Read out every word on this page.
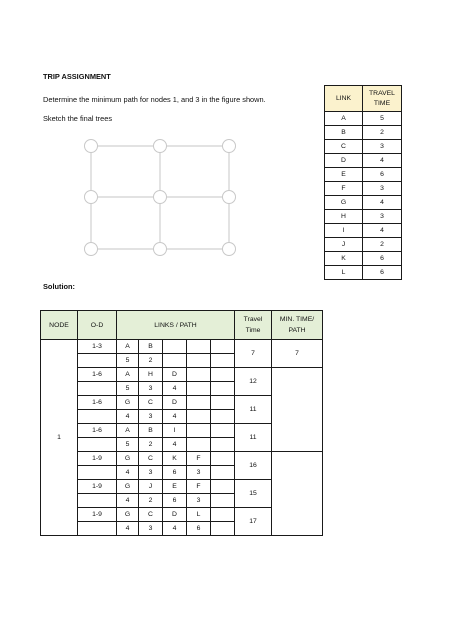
TRIP ASSIGNMENT
Determine the minimum path for nodes 1, and 3 in the figure shown.
Sketch the final trees
LINK	TRAVEL TIME
A	5
B	2
C	3
D	4
E	6
F	3
G	4
H	3
I	4
J	2
K	6
L	6
Solution:
NODE	O-D	LINKS / PATH					Travel Time	MIN. TIME/ PATH
1	1-3	A	B				7	7
		5	2					
	1-6	A	H	D			12	
		5	3	4				
	1-6	G	C	D			11	
		4	3	4				
	1-6	A	B	I			11	
		5	2	4				
	1-9	G	C	K	F		16	
		4	3	6	3			
	1-9	G	J	E	F		15	
		4	2	6	3			
	1-9	G	C	D	L		17	
		4	3	4	6			
